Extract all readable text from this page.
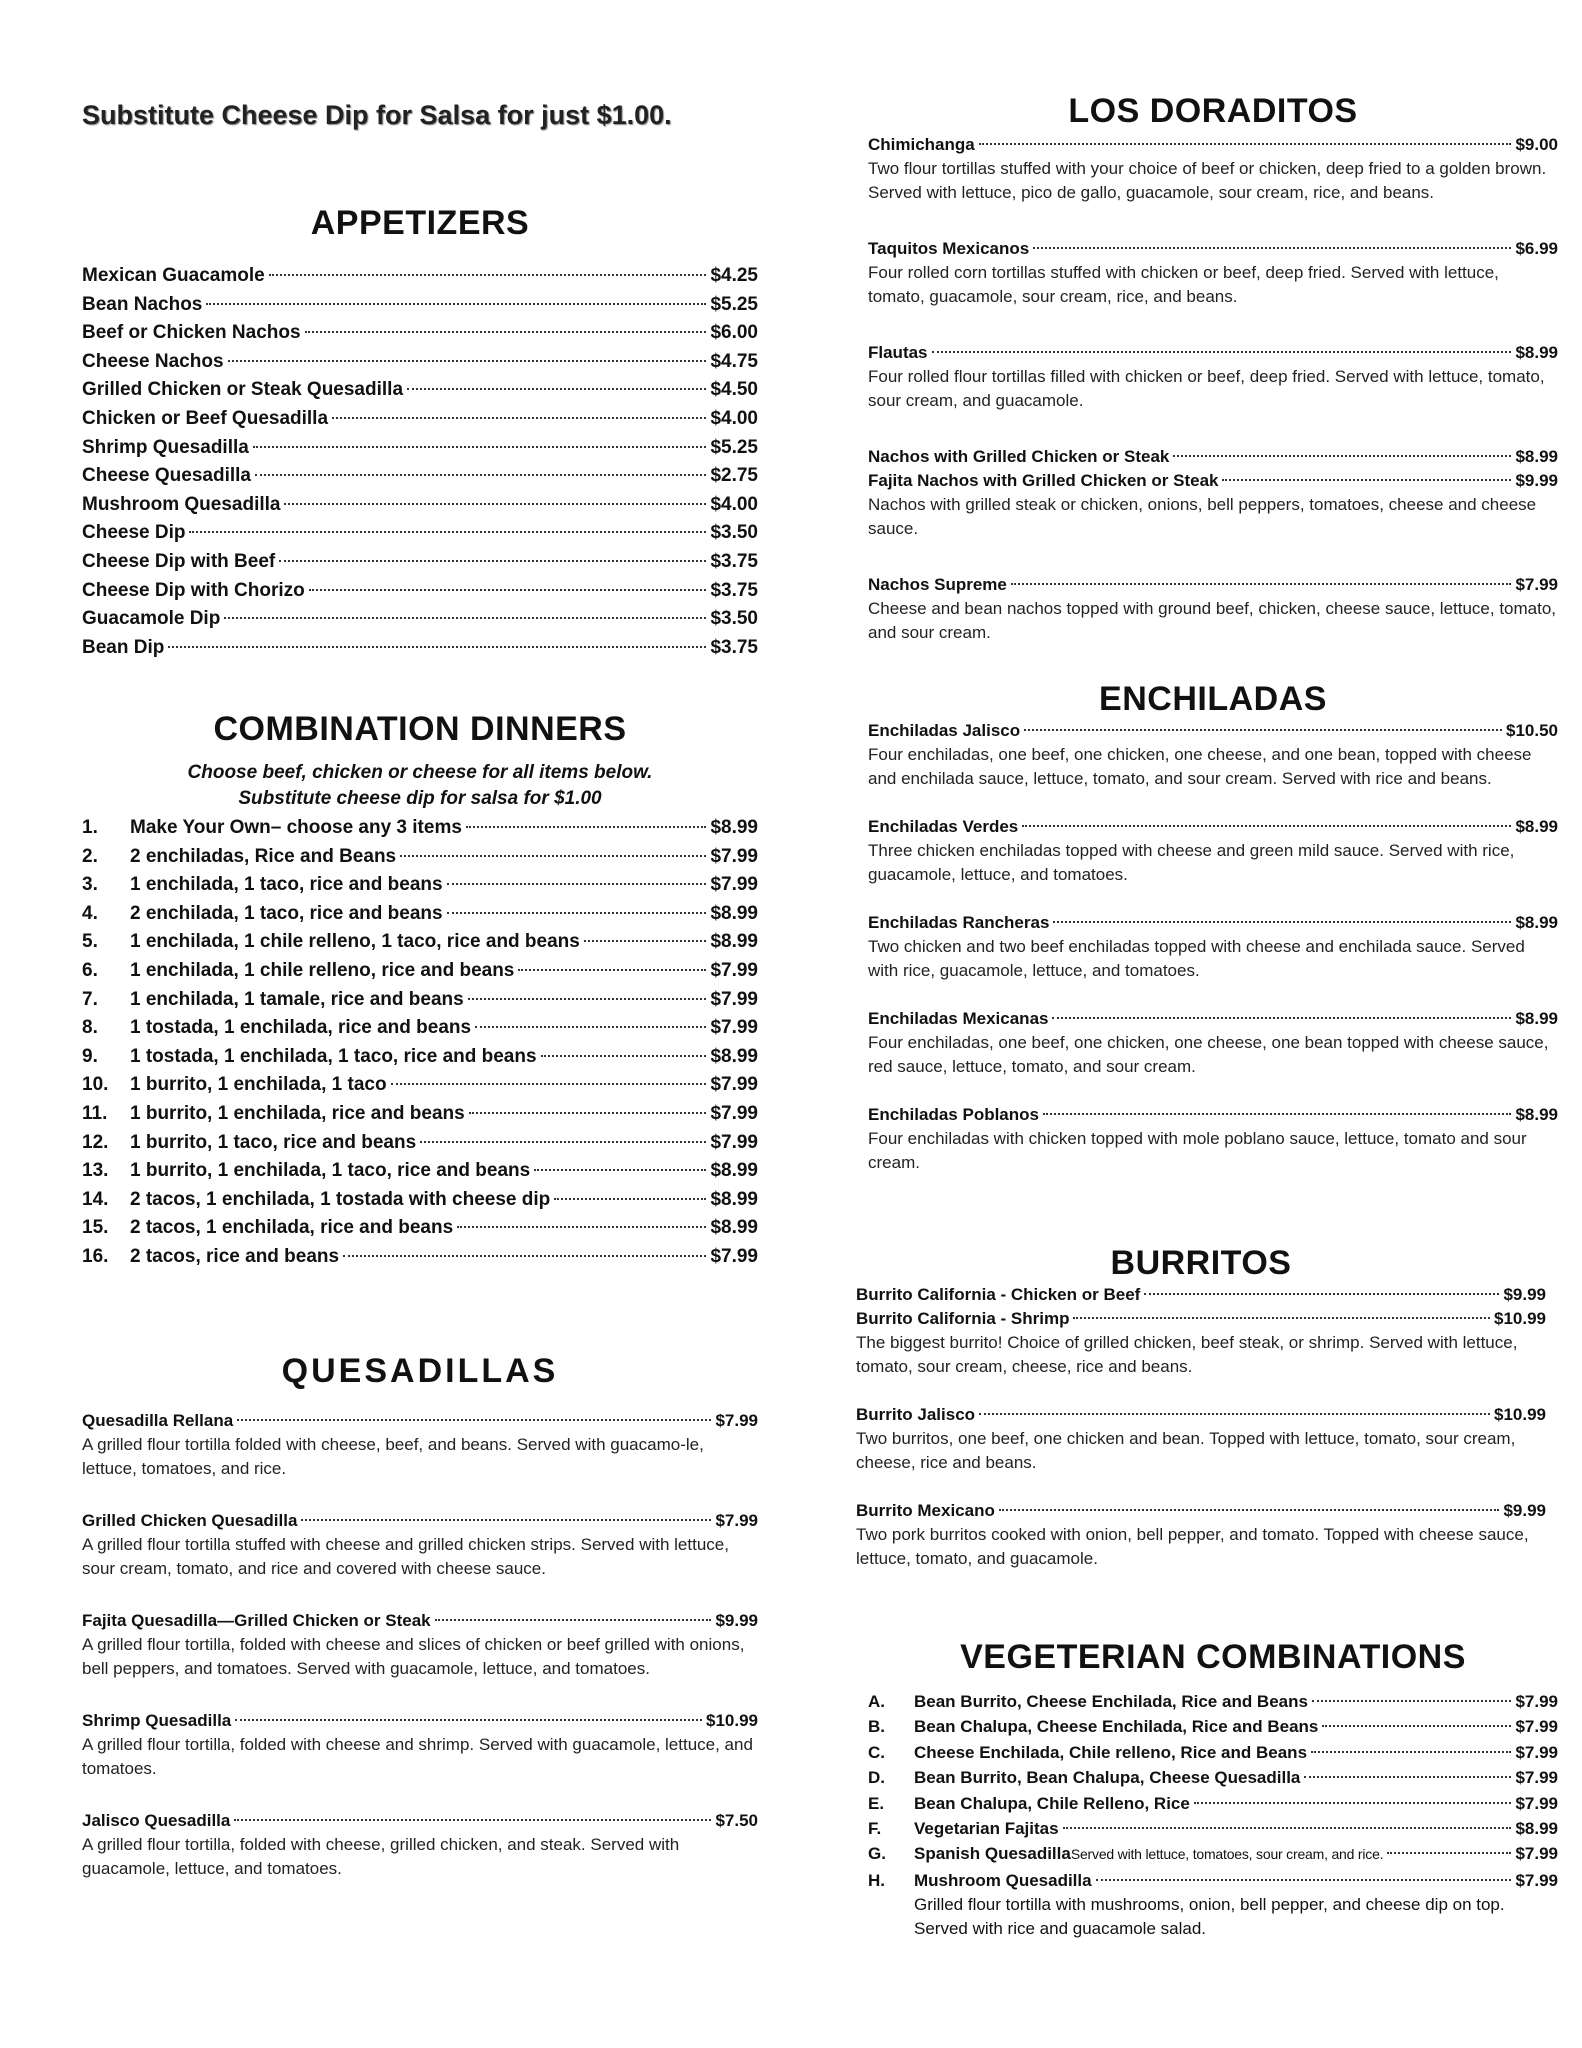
Substitute Cheese Dip for Salsa for just $1.00.
APPETIZERS
Mexican Guacamole	$4.25
Bean Nachos	$5.25
Beef or Chicken Nachos	$6.00
Cheese Nachos	$4.75
Grilled Chicken or Steak Quesadilla	$4.50
Chicken or Beef Quesadilla	$4.00
Shrimp Quesadilla	$5.25
Cheese Quesadilla	$2.75
Mushroom Quesadilla	$4.00
Cheese Dip	$3.50
Cheese Dip with Beef	$3.75
Cheese Dip with Chorizo	$3.75
Guacamole Dip	$3.50
Bean Dip	$3.75
COMBINATION DINNERS
Choose beef, chicken or cheese for all items below.
Substitute cheese dip for salsa for $1.00
1.	Make Your Own– choose any 3 items	$8.99
2.	2 enchiladas, Rice and Beans	$7.99
3.	1 enchilada, 1 taco, rice and beans	$7.99
4.	2 enchilada, 1 taco, rice and beans	$8.99
5.	1 enchilada, 1 chile relleno, 1 taco, rice and beans	$8.99
6.	1 enchilada, 1 chile relleno, rice and beans	$7.99
7.	1 enchilada, 1 tamale, rice and beans	$7.99
8.	1 tostada, 1 enchilada, rice and beans	$7.99
9.	1 tostada, 1 enchilada, 1 taco, rice and beans	$8.99
10.	1 burrito, 1 enchilada, 1 taco	$7.99
11.	1 burrito, 1 enchilada, rice and beans	$7.99
12.	1 burrito, 1 taco, rice and beans	$7.99
13.	1 burrito, 1 enchilada, 1 taco, rice and beans	$8.99
14.	2 tacos, 1 enchilada, 1 tostada with cheese dip	$8.99
15.	2 tacos, 1 enchilada, rice and beans	$8.99
16.	2 tacos, rice and beans	$7.99
QUESADILLAS
Quesadilla Rellana	$7.99
A grilled flour tortilla folded with cheese, beef, and beans. Served with guacamo-le, lettuce, tomatoes, and rice.
Grilled Chicken Quesadilla	$7.99
A grilled flour tortilla stuffed with cheese and grilled chicken strips. Served with lettuce, sour cream, tomato, and rice and covered with cheese sauce.
Fajita Quesadilla—Grilled Chicken or Steak	$9.99
A grilled flour tortilla, folded with cheese and slices of chicken or beef grilled with onions, bell peppers, and tomatoes. Served with guacamole, lettuce, and tomatoes.
Shrimp Quesadilla	$10.99
A grilled flour tortilla, folded with cheese and shrimp. Served with guacamole, lettuce, and tomatoes.
Jalisco Quesadilla	$7.50
A grilled flour tortilla, folded with cheese, grilled chicken, and steak. Served with guacamole, lettuce, and tomatoes.
LOS DORADITOS
Chimichanga	$9.00
Two flour tortillas stuffed with your choice of beef or chicken, deep fried to a golden brown. Served with lettuce, pico de gallo, guacamole, sour cream, rice, and beans.
Taquitos Mexicanos	$6.99
Four rolled corn tortillas stuffed with chicken or beef, deep fried. Served with lettuce, tomato, guacamole, sour cream, rice, and beans.
Flautas	$8.99
Four rolled flour tortillas filled with chicken or beef, deep fried. Served with lettuce, tomato, sour cream, and guacamole.
Nachos with Grilled Chicken or Steak	$8.99
Fajita Nachos with Grilled Chicken or Steak	$9.99
Nachos with grilled steak or chicken, onions, bell peppers, tomatoes, cheese and cheese sauce.
Nachos Supreme	$7.99
Cheese and bean nachos topped with ground beef, chicken, cheese sauce, lettuce, tomato, and sour cream.
ENCHILADAS
Enchiladas Jalisco	$10.50
Four enchiladas, one beef, one chicken, one cheese, and one bean, topped with cheese and enchilada sauce, lettuce, tomato, and sour cream. Served with rice and beans.
Enchiladas Verdes	$8.99
Three chicken enchiladas topped with cheese and green mild sauce. Served with rice, guacamole, lettuce, and tomatoes.
Enchiladas Rancheras	$8.99
Two chicken and two beef enchiladas topped with cheese and enchilada sauce. Served with rice, guacamole, lettuce, and tomatoes.
Enchiladas Mexicanas	$8.99
Four enchiladas, one beef, one chicken, one cheese, one bean topped with cheese sauce, red sauce, lettuce, tomato, and sour cream.
Enchiladas Poblanos	$8.99
Four enchiladas with chicken topped with mole poblano sauce, lettuce, tomato and sour cream.
BURRITOS
Burrito California - Chicken or Beef	$9.99
Burrito California - Shrimp	$10.99
The biggest burrito! Choice of grilled chicken, beef steak, or shrimp. Served with lettuce, tomato, sour cream, cheese, rice and beans.
Burrito Jalisco	$10.99
Two burritos, one beef, one chicken and bean. Topped with lettuce, tomato, sour cream, cheese, rice and beans.
Burrito Mexicano	$9.99
Two pork burritos cooked with onion, bell pepper, and tomato. Topped with cheese sauce, lettuce, tomato, and guacamole.
VEGETERIAN COMBINATIONS
A.	Bean Burrito, Cheese Enchilada, Rice and Beans	$7.99
B.	Bean Chalupa, Cheese Enchilada, Rice and Beans	$7.99
C.	Cheese Enchilada, Chile relleno, Rice and Beans	$7.99
D.	Bean Burrito, Bean Chalupa, Cheese Quesadilla	$7.99
E.	Bean Chalupa, Chile Relleno, Rice	$7.99
F.	Vegetarian Fajitas	$8.99
G.	Spanish Quesadilla Served with lettuce, tomatoes, sour cream, and rice.	$7.99
H.	Mushroom Quesadilla	$7.99
Grilled flour tortilla with mushrooms, onion, bell pepper, and cheese dip on top. Served with rice and guacamole salad.
